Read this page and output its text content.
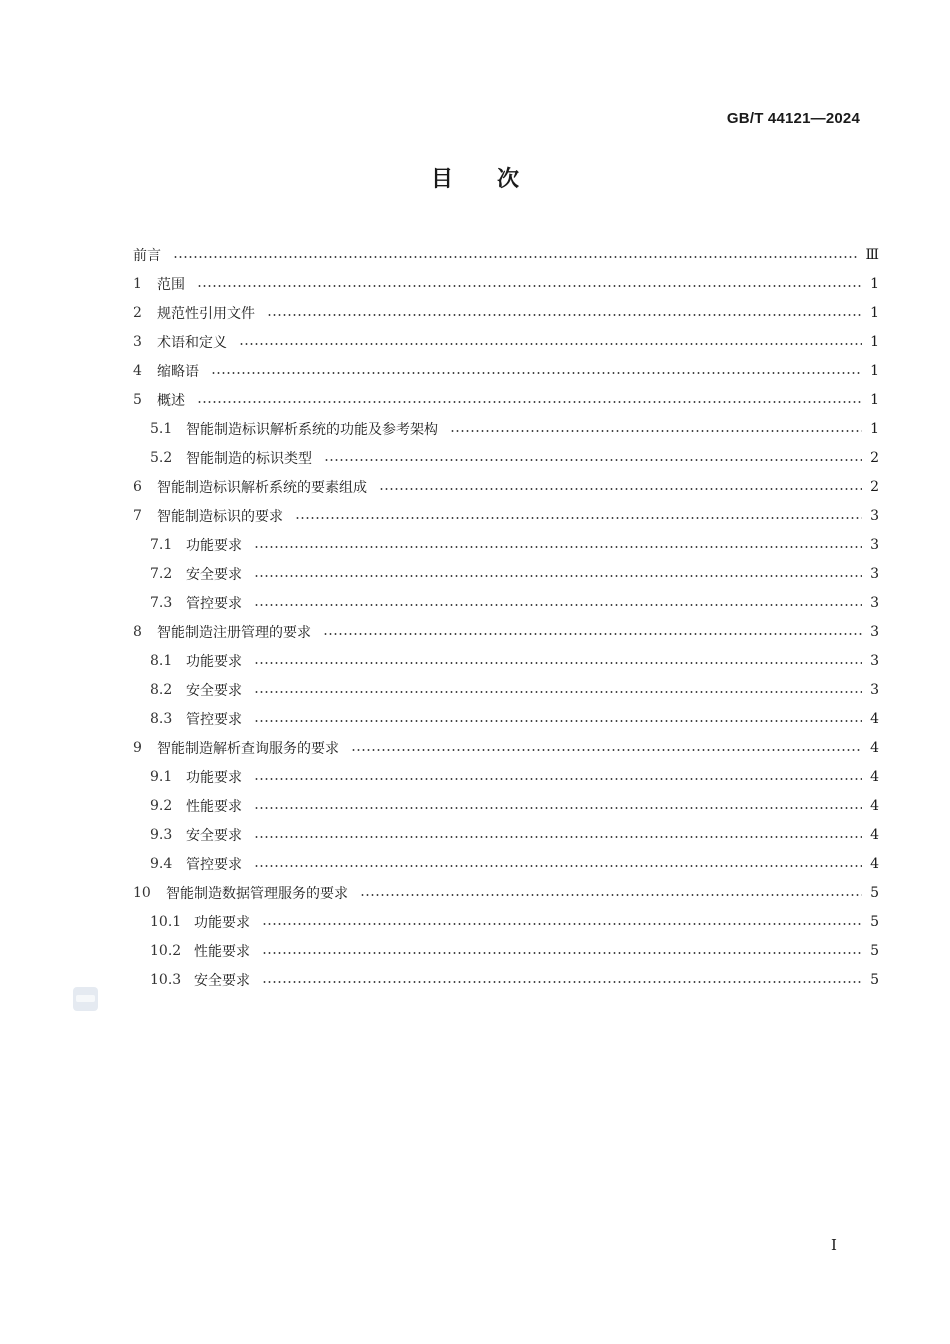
GB/T 44121—2024
目 次
前言	Ⅲ
1	范围	1
2	规范性引用文件	1
3	术语和定义	1
4	缩略语	1
5	概述	1
5.1 智能制造标识解析系统的功能及参考架构	1
5.2 智能制造的标识类型	2
6	智能制造标识解析系统的要素组成	2
7	智能制造标识的要求	3
7.1 功能要求	3
7.2 安全要求	3
7.3 管控要求	3
8	智能制造注册管理的要求	3
8.1 功能要求	3
8.2 安全要求	3
8.3 管控要求	4
9	智能制造解析查询服务的要求	4
9.1 功能要求	4
9.2 性能要求	4
9.3 安全要求	4
9.4 管控要求	4
10	智能制造数据管理服务的要求	5
10.1 功能要求	5
10.2 性能要求	5
10.3 安全要求	5
I
